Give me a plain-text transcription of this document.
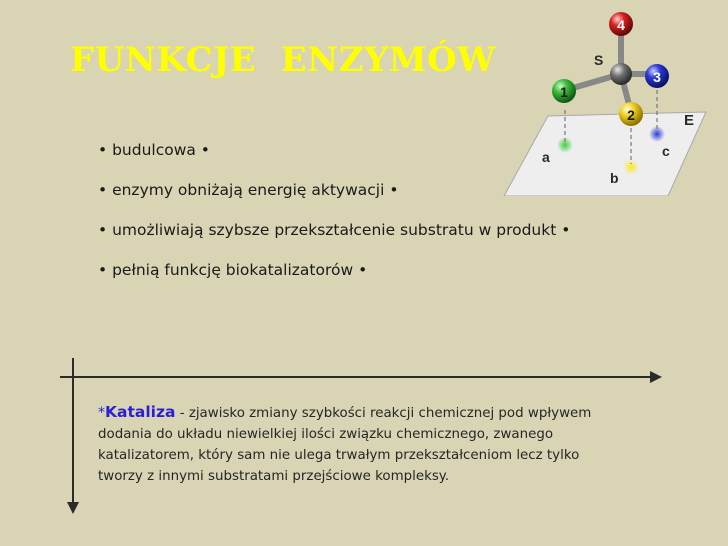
FUNKCJE  ENZYMÓW
• budulcowa •
• enzymy obniżają energię aktywacji •
• umożliwiają szybsze przekształcenie substratu w produkt •
• pełnią funkcję biokatalizatorów •
E
a
b
c
S
4
1
3
2
*Kataliza - zjawisko zmiany szybkości reakcji chemicznej pod wpływem
dodania do układu niewielkiej ilości związku chemicznego, zwanego
katalizatorem, który sam nie ulega trwałym przekształceniom lecz tylko
tworzy z innymi substratami przejściowe kompleksy.
